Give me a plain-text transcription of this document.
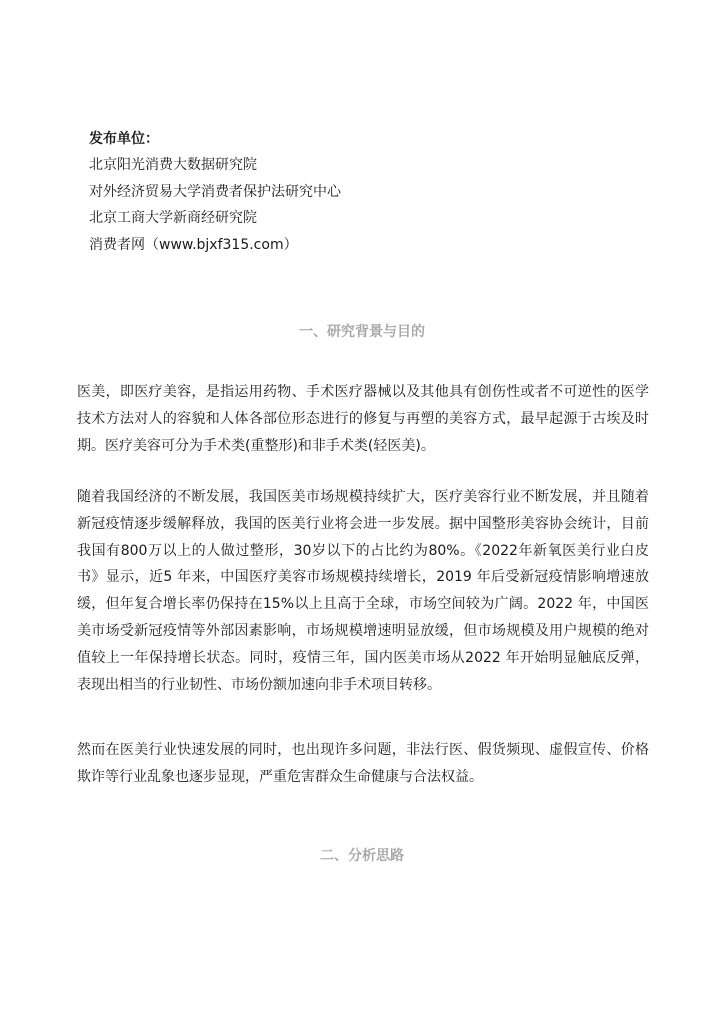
发布单位：

北京阳光消费大数据研究院

对外经济贸易大学消费者保护法研究中心

北京工商大学新商经研究院

消费者网（www.bjxf315.com）

一、研究背景与目的

医美，即医疗美容，是指运用药物、手术医疗器械以及其他具有创伤性或者不可逆性的医学技术方法对人的容貌和人体各部位形态进行的修复与再塑的美容方式，最早起源于古埃及时期。医疗美容可分为手术类(重整形)和非手术类(轻医美)。

随着我国经济的不断发展，我国医美市场规模持续扩大，医疗美容行业不断发展，并且随着新冠疫情逐步缓解释放，我国的医美行业将会进一步发展。据中国整形美容协会统计，目前我国有800万以上的人做过整形，30岁以下的占比约为80%。《2022年新氧医美行业白皮书》显示，近5 年来，中国医疗美容市场规模持续增长，2019 年后受新冠疫情影响增速放缓，但年复合增长率仍保持在15%以上且高于全球，市场空间较为广阔。2022 年，中国医美市场受新冠疫情等外部因素影响，市场规模增速明显放缓，但市场规模及用户规模的绝对值较上一年保持增长状态。同时，疫情三年，国内医美市场从2022 年开始明显触底反弹，表现出相当的行业韧性、市场份额加速向非手术项目转移。

然而在医美行业快速发展的同时，也出现许多问题，非法行医、假货频现、虚假宣传、价格欺诈等行业乱象也逐步显现，严重危害群众生命健康与合法权益。

二、分析思路
